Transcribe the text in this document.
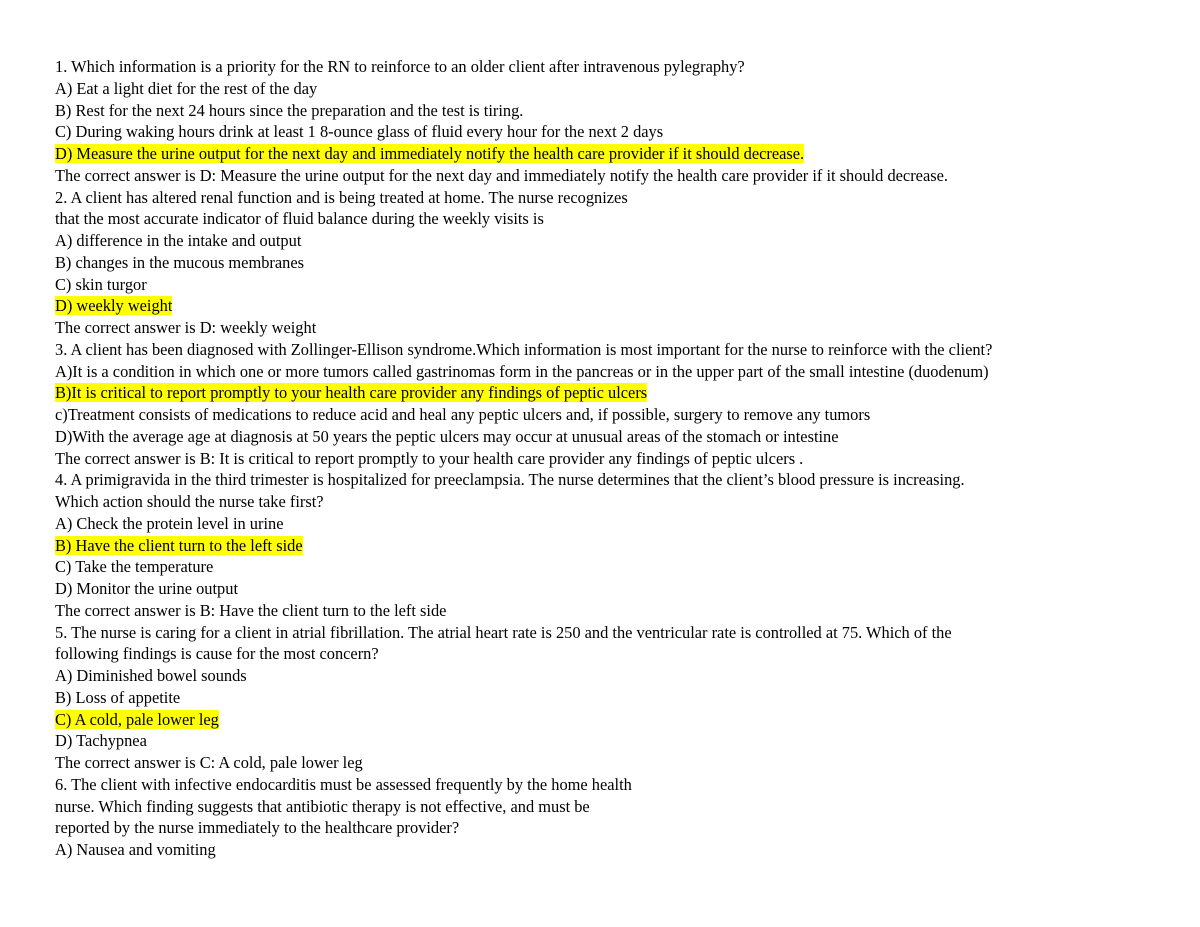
1. Which information is a priority for the RN to reinforce to an older client after intravenous pylegraphy?
A) Eat a light diet for the rest of the day
B) Rest for the next 24 hours since the preparation and the test is tiring.
C) During waking hours drink at least 1 8-ounce glass of fluid every hour for the next 2 days
D) Measure the urine output for the next day and immediately notify the health care provider if it should decrease.
The correct answer is D: Measure the urine output for the next day and immediately notify the health care provider if it should decrease.
2. A client has altered renal function and is being treated at home. The nurse recognizes
that the most accurate indicator of fluid balance during the weekly visits is
A) difference in the intake and output
B) changes in the mucous membranes
C) skin turgor
D) weekly weight
The correct answer is D: weekly weight
3. A client has been diagnosed with Zollinger-Ellison syndrome.Which information is most important for the nurse to reinforce with the client?
A)It is a condition in which one or more tumors called gastrinomas form in the pancreas or in the upper part of the small intestine (duodenum)
B)It is critical to report promptly to your health care provider any findings of peptic ulcers
c)Treatment consists of medications to reduce acid and heal any peptic ulcers and, if possible, surgery to remove any tumors
D)With the average age at diagnosis at 50 years the peptic ulcers may occur at unusual areas of the stomach or intestine
The correct answer is B: It is critical to report promptly to your health care provider any findings of peptic ulcers .
4. A primigravida in the third trimester is hospitalized for preeclampsia. The nurse determines that the client’s blood pressure is increasing.
Which action should the nurse take first?
A) Check the protein level in urine
B) Have the client turn to the left side
C) Take the temperature
D) Monitor the urine output
The correct answer is B: Have the client turn to the left side
5. The nurse is caring for a client in atrial fibrillation. The atrial heart rate is 250 and the ventricular rate is controlled at 75. Which of the
following findings is cause for the most concern?
A) Diminished bowel sounds
B) Loss of appetite
C) A cold, pale lower leg
D) Tachypnea
The correct answer is C: A cold, pale lower leg
6. The client with infective endocarditis must be assessed frequently by the home health
nurse. Which finding suggests that antibiotic therapy is not effective, and must be
reported by the nurse immediately to the healthcare provider?
A) Nausea and vomiting
